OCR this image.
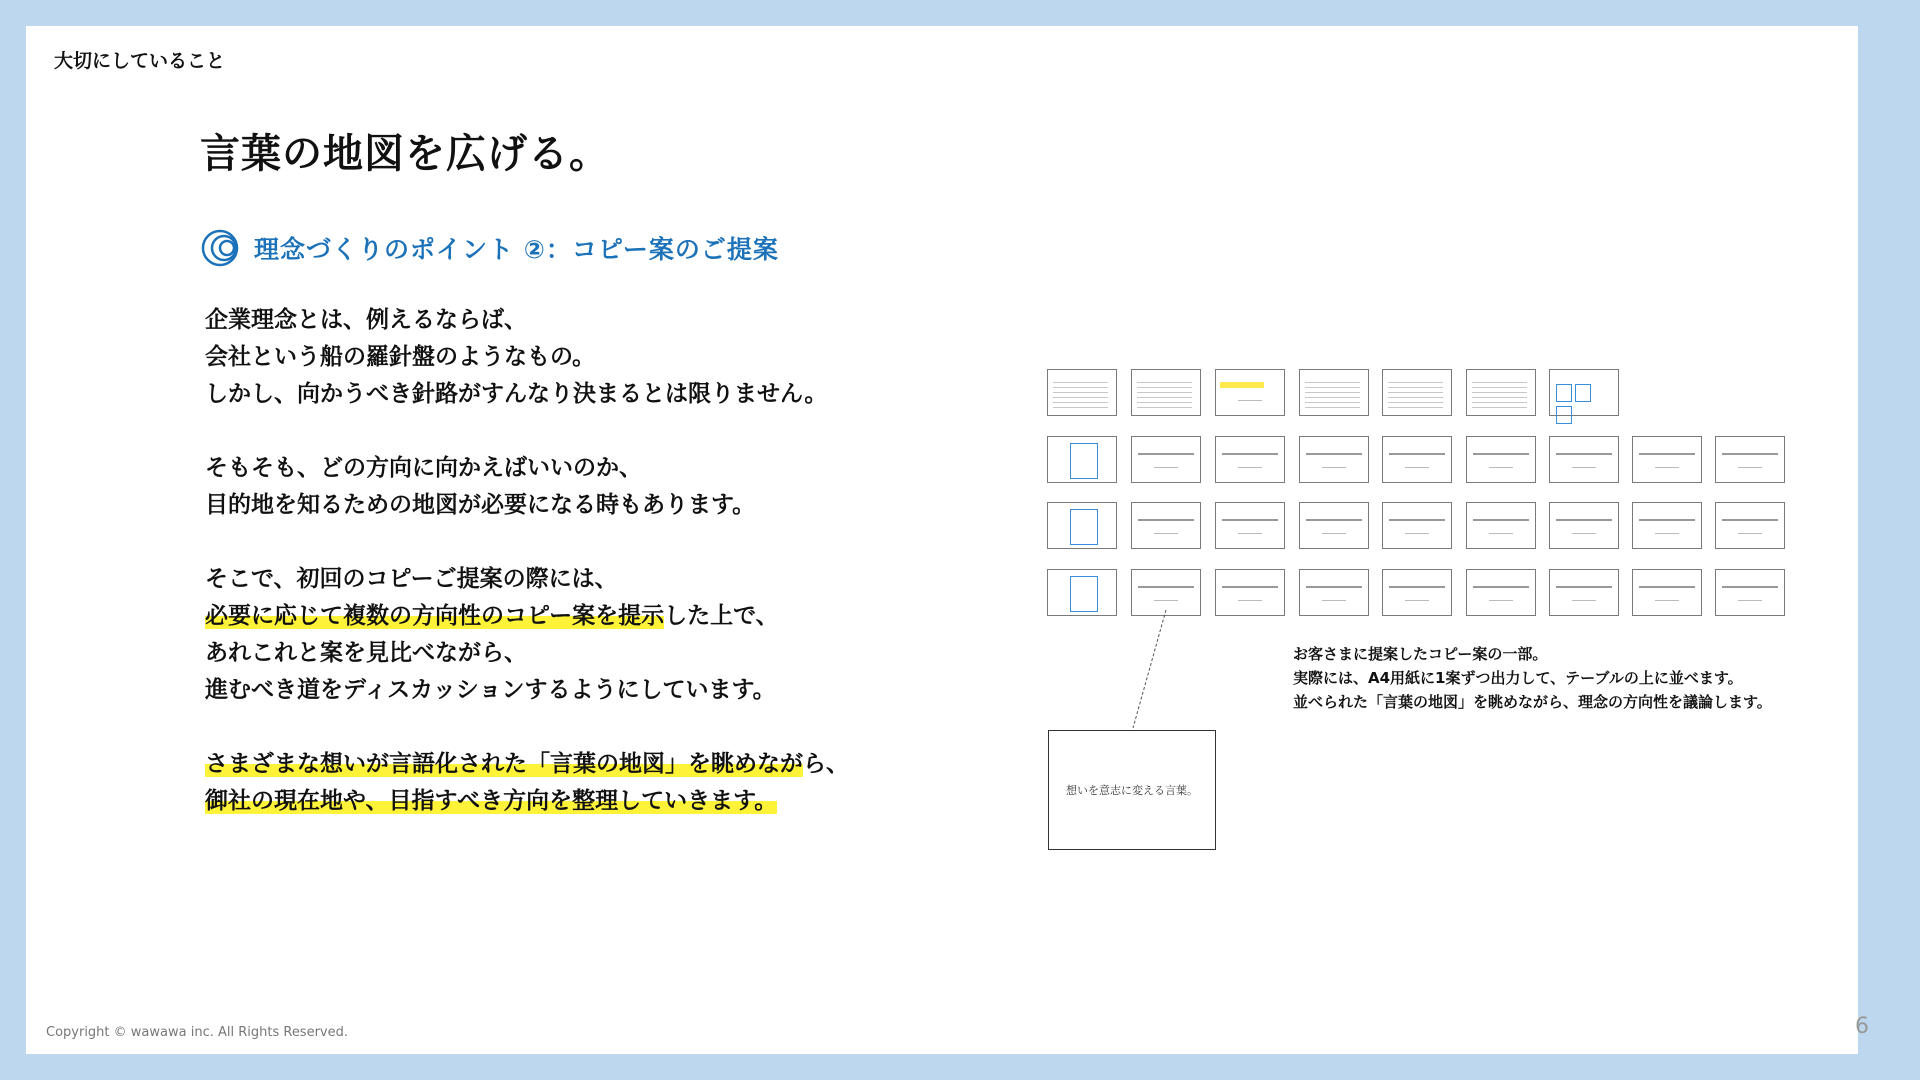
大切にしていること
言葉の地図を広げる。
理念づくりのポイント ②：コピー案のご提案
企業理念とは、例えるならば、
会社という船の羅針盤のようなもの。
しかし、向かうべき針路がすんなり決まるとは限りません。
そもそも、どの方向に向かえばいいのか、
目的地を知るための地図が必要になる時もあります。
そこで、初回のコピーご提案の際には、
必要に応じて複数の方向性のコピー案を提示した上で、
あれこれと案を見比べながら、
進むべき道をディスカッションするようにしています。
さまざまな想いが言語化された「言葉の地図」を眺めながら、
御社の現在地や、目指すべき方向を整理していきます。	想いを意志に変える言葉。
お客さまに提案したコピー案の一部。
実際には、A4用紙に1案ずつ出力して、テーブルの上に並べます。
並べられた「言葉の地図」を眺めながら、理念の方向性を議論します。
Copyright © wawawa inc. All Rights Reserved.	6
